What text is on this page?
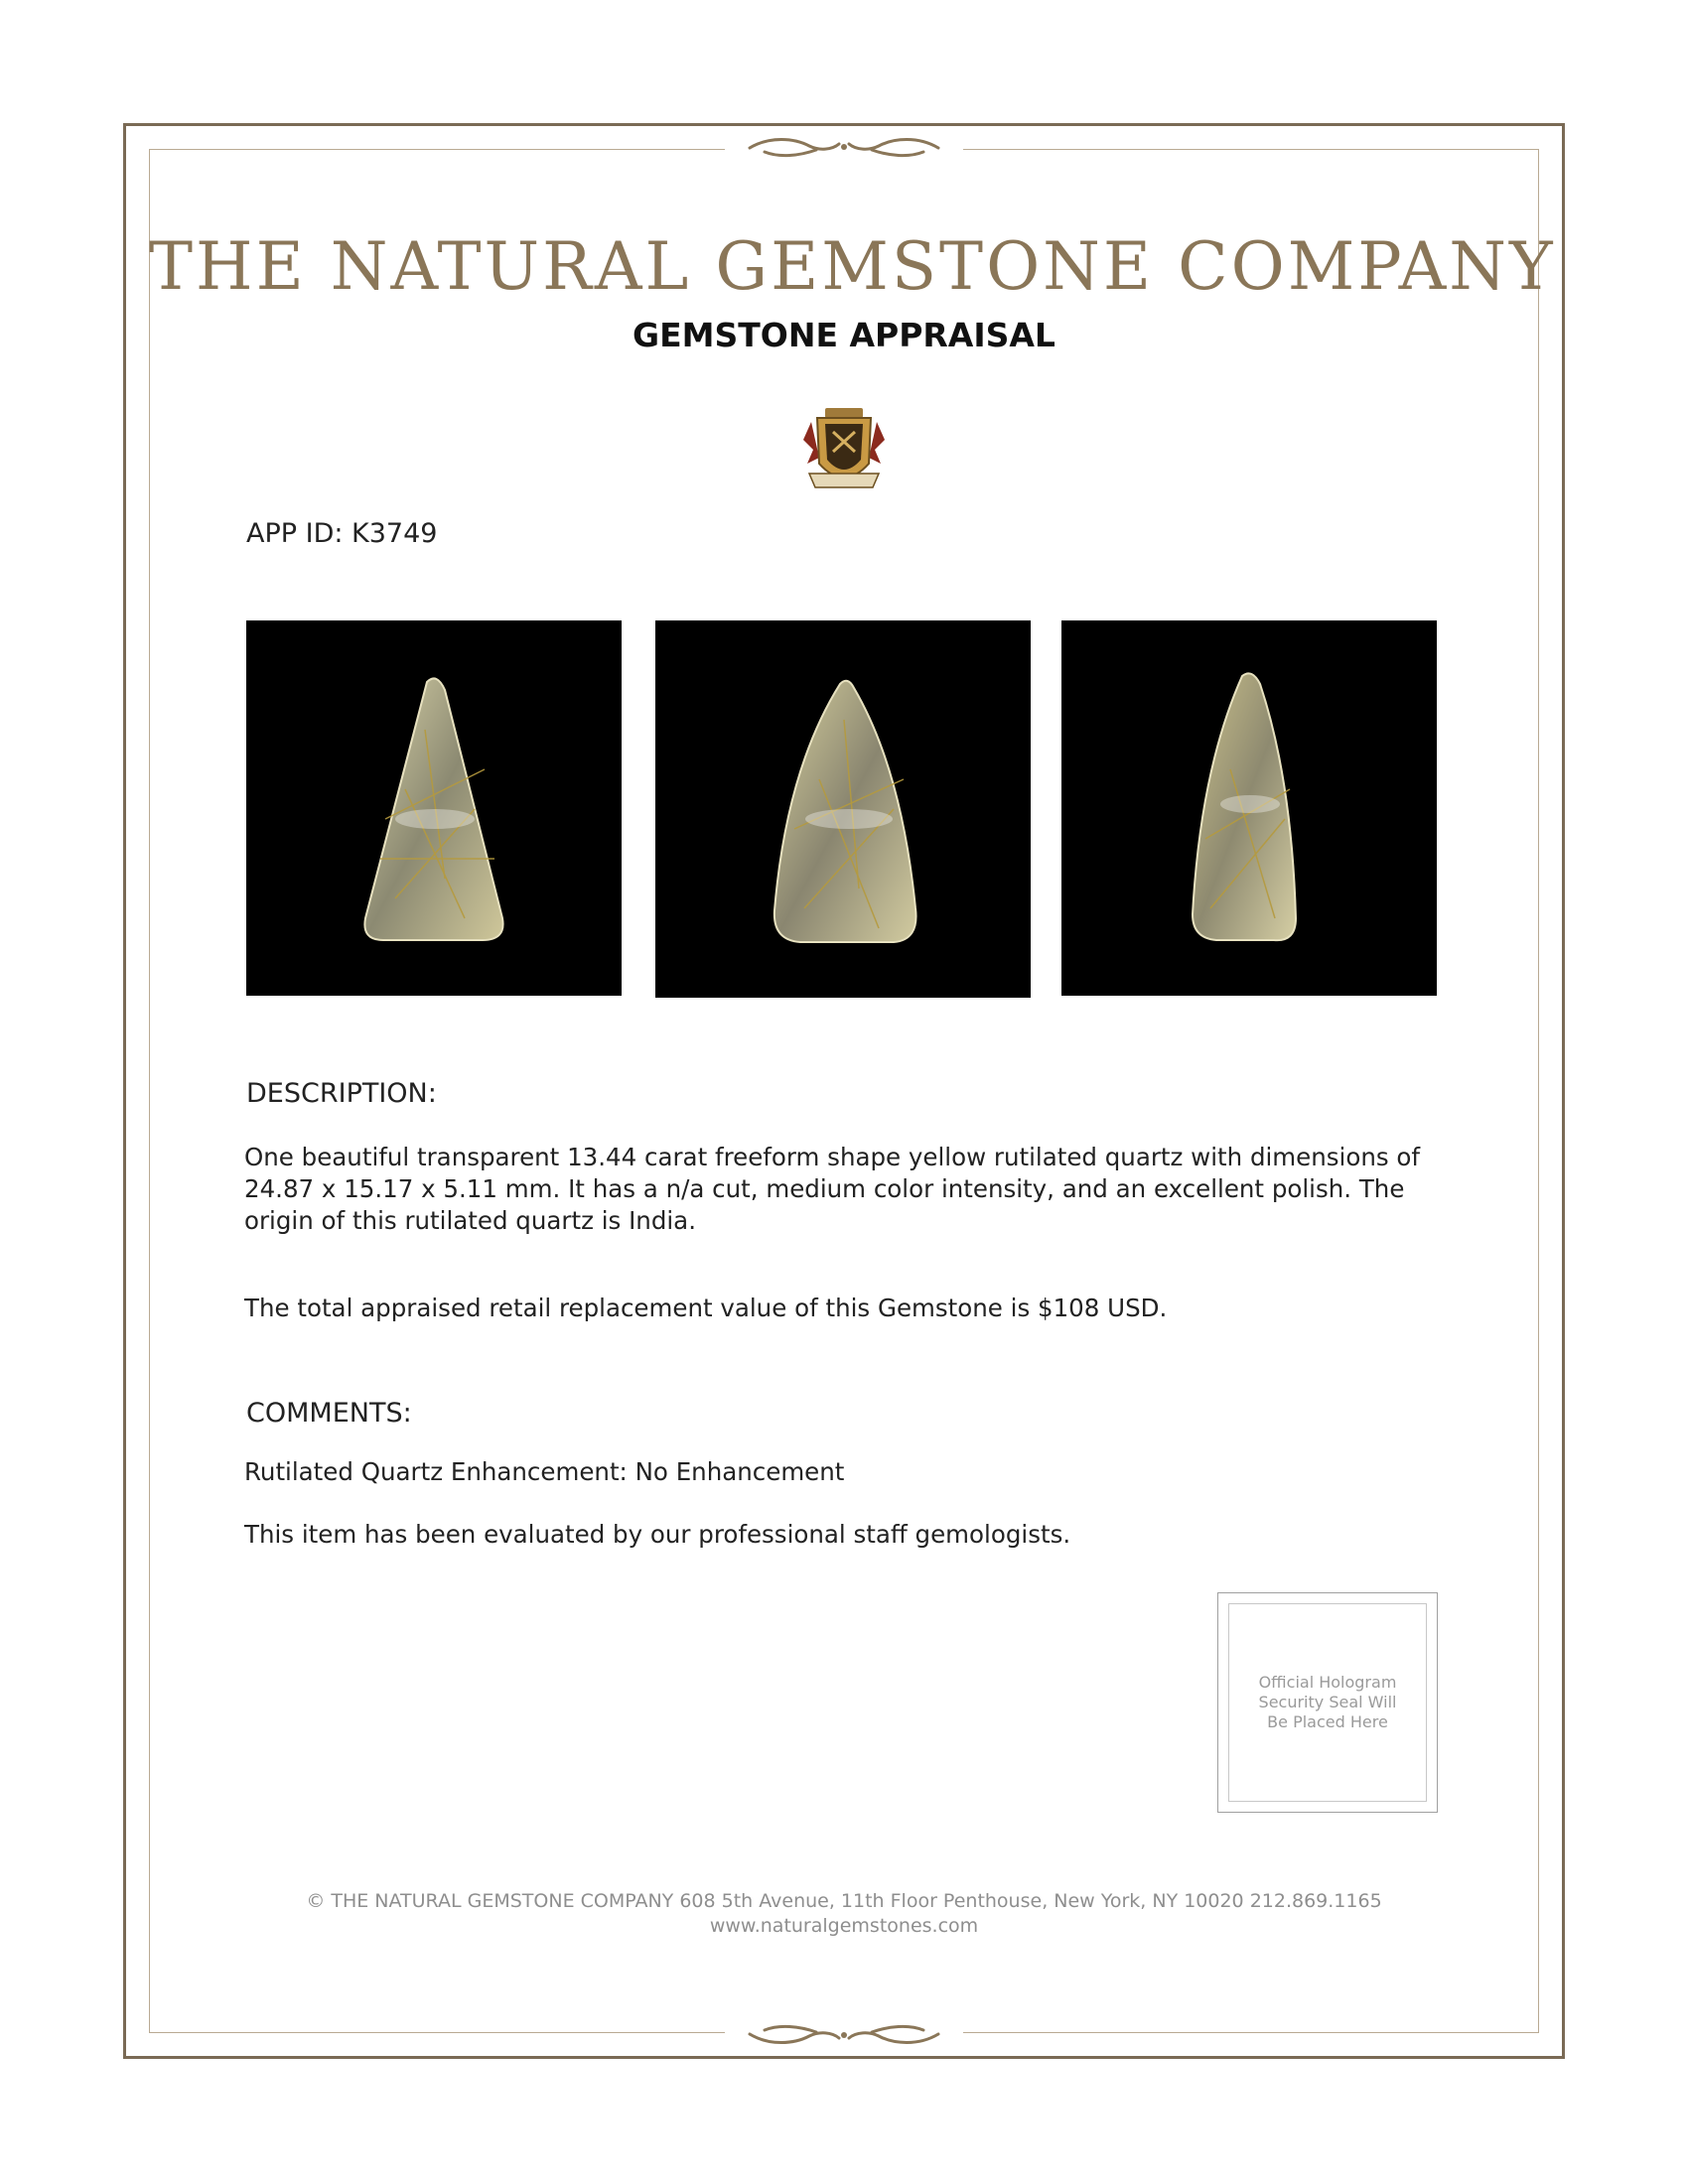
THE NATURAL GEMSTONE COMPANY
GEMSTONE APPRAISAL
APP ID: K3749
DESCRIPTION:

One beautiful transparent 13.44 carat freeform shape yellow rutilated quartz with dimensions of 24.87 x 15.17 x 5.11 mm. It has a n/a cut, medium color intensity, and an excellent polish. The origin of this rutilated quartz is India.

The total appraised retail replacement value of this Gemstone is $108 USD.

COMMENTS:

Rutilated Quartz Enhancement: No Enhancement

This item has been evaluated by our professional staff gemologists.

Official Hologram Security Seal Will Be Placed Here
© THE NATURAL GEMSTONE COMPANY 608 5th Avenue, 11th Floor Penthouse, New York, NY 10020 212.869.1165
www.naturalgemstones.com
